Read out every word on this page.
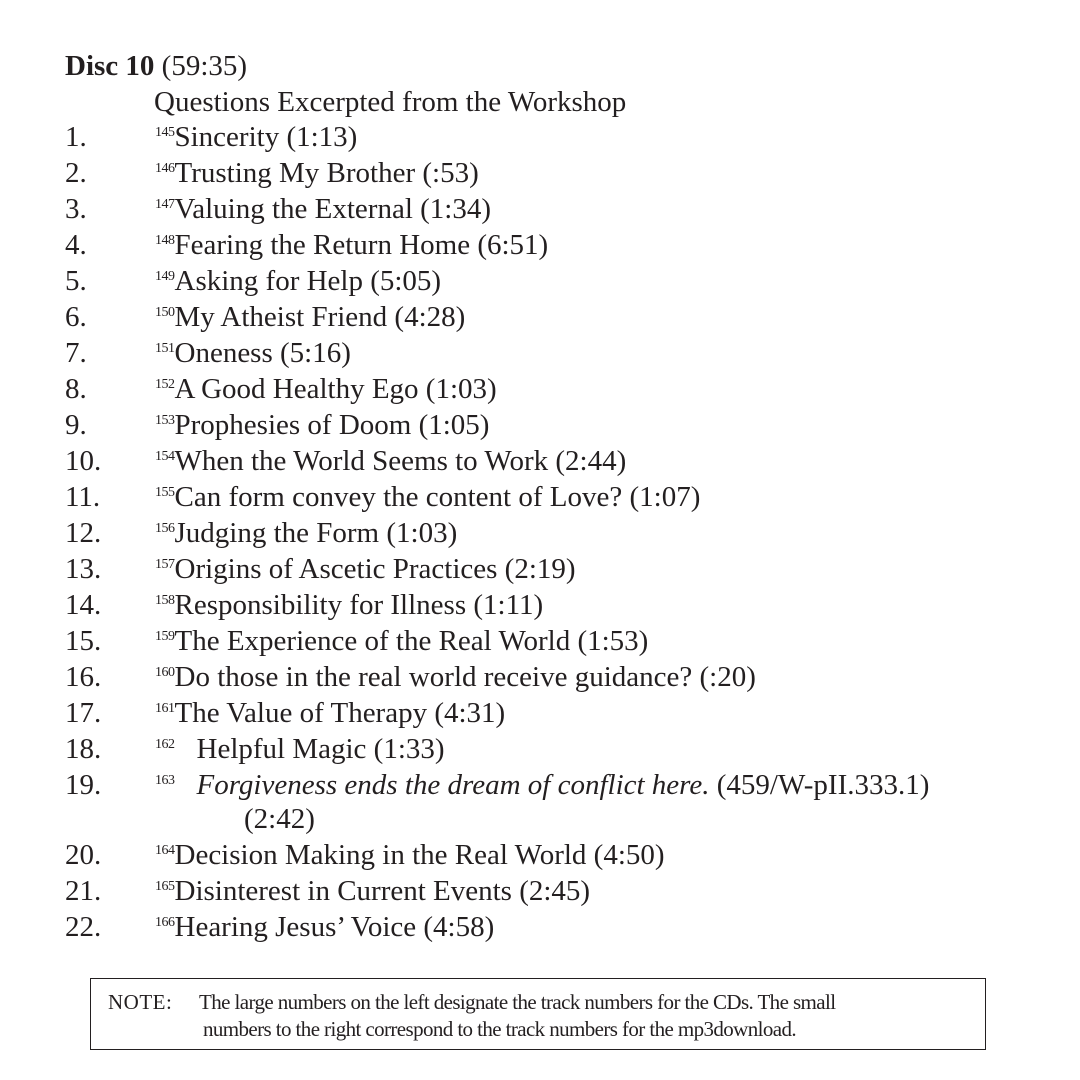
Disc 10 (59:35)
Questions Excerpted from the Workshop
1.	$^{145}$Sincerity (1:13)
2.	$^{146}$Trusting My Brother (:53)
3.	$^{147}$Valuing the External (1:34)
4.	$^{148}$Fearing the Return Home (6:51)
5.	$^{149}$Asking for Help (5:05)
6.	$^{150}$My Atheist Friend (4:28)
7.	$^{151}$Oneness (5:16)
8.	$^{152}$A Good Healthy Ego (1:03)
9.	$^{153}$Prophesies of Doom (1:05)
10.	$^{154}$When the World Seems to Work (2:44)
11.	$^{155}$Can form convey the content of Love? (1:07)
12.	$^{156}$Judging the Form (1:03)
13.	$^{157}$Origins of Ascetic Practices (2:19)
14.	$^{158}$Responsibility for Illness (1:11)
15.	$^{159}$The Experience of the Real World (1:53)
16.	$^{160}$Do those in the real world receive guidance? (:20)
17.	$^{161}$The Value of Therapy (4:31)
18.	$^{162}$ Helpful Magic (1:33)
19.	$^{163}$ Forgiveness ends the dream of conflict here. (459/W-pII.333.1)
(2:42)
20.	$^{164}$Decision Making in the Real World (4:50)
21.	$^{165}$Disinterest in Current Events (2:45)
22.	$^{166}$Hearing Jesus’ Voice (4:58)
NOTE: The large numbers on the left designate the track numbers for the CDs. The small
numbers to the right correspond to the track numbers for the mp3download.
